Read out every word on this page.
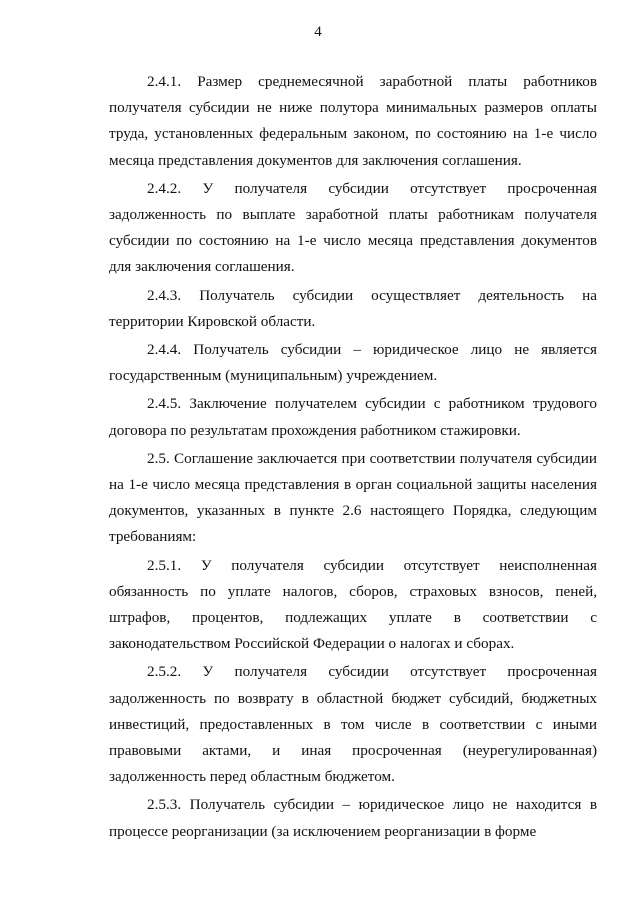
4

2.4.1. Размер среднемесячной заработной платы работников получателя субсидии не ниже полутора минимальных размеров оплаты труда, установленных федеральным законом, по состоянию на 1-е число месяца представления документов для заключения соглашения.

2.4.2. У получателя субсидии отсутствует просроченная задолженность по выплате заработной платы работникам получателя субсидии по состоянию на 1-е число месяца представления документов для заключения соглашения.

2.4.3. Получатель субсидии осуществляет деятельность на территории Кировской области.

2.4.4. Получатель субсидии – юридическое лицо не является государственным (муниципальным) учреждением.

2.4.5. Заключение получателем субсидии с работником трудового договора по результатам прохождения работником стажировки.

2.5. Соглашение заключается при соответствии получателя субсидии на 1-е число месяца представления в орган социальной защиты населения документов, указанных в пункте 2.6 настоящего Порядка, следующим требованиям:

2.5.1. У получателя субсидии отсутствует неисполненная обязанность по уплате налогов, сборов, страховых взносов, пеней, штрафов, процентов, подлежащих уплате в соответствии с законодательством Российской Федерации о налогах и сборах.

2.5.2. У получателя субсидии отсутствует просроченная задолженность по возврату в областной бюджет субсидий, бюджетных инвестиций, предоставленных в том числе в соответствии с иными правовыми актами, и иная просроченная (неурегулированная) задолженность перед областным бюджетом.

2.5.3. Получатель субсидии – юридическое лицо не находится в процессе реорганизации (за исключением реорганизации в форме
